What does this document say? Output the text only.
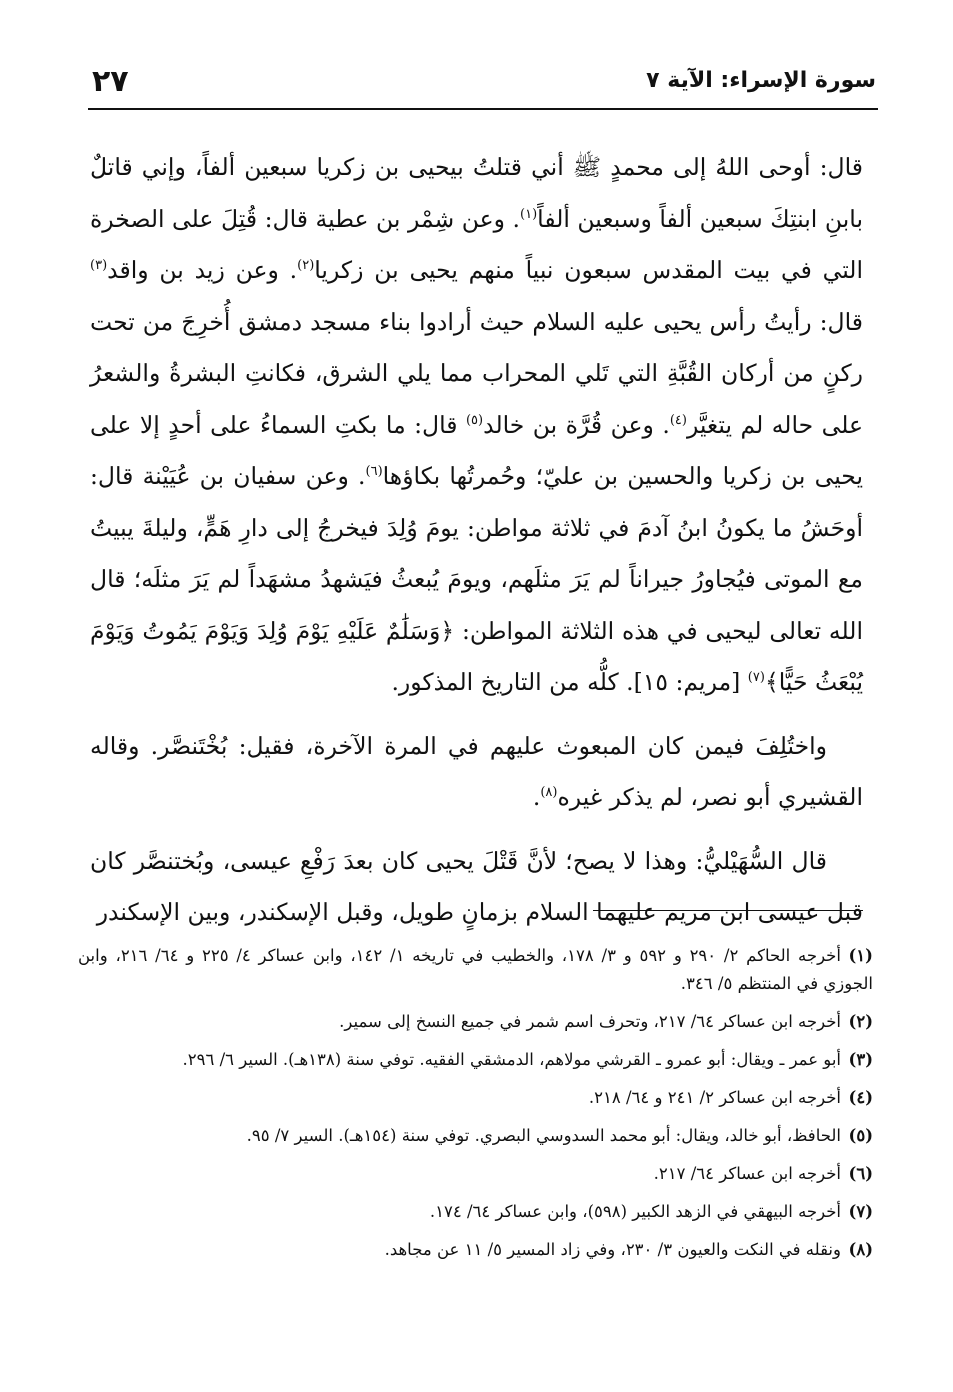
سورة الإسراء: الآية ٧
٢٧

قال: أوحى اللهُ إلى محمدٍ ﷺ أني قتلتُ بيحيى بن زكريا سبعين ألفاً، وإني قاتلٌ بابنِ ابنتِكَ سبعين ألفاً وسبعين ألفاً$^{(١)}$. وعن شِمْر بن عطية قال: قُتِلَ على الصخرة التي في بيت المقدس سبعون نبياً منهم يحيى بن زكريا$^{(٢)}$. وعن زيد بن واقد$^{(٣)}$ قال: رأيتُ رأس يحيى عليه السلام حيث أرادوا بناء مسجد دمشق أُخرِجَ من تحت ركنٍ من أركان القُبَّةِ التي تَلي المحراب مما يلي الشرق، فكانتِ البشرةُ والشعرُ على حاله لم يتغيَّر$^{(٤)}$. وعن قُرَّة بن خالد$^{(٥)}$ قال: ما بكتِ السماءُ على أحدٍ إلا على يحيى بن زكريا والحسين بن عليّ؛ وحُمرتُها بكاؤها$^{(٦)}$. وعن سفيان بن عُيَيْنة قال: أوحَشُ ما يكونُ ابنُ آدمَ في ثلاثة مواطن: يومَ وُلِدَ فيخرجُ إلى دارِ هَمٍّ، وليلةَ يبيتُ مع الموتى فيُجاورُ جيراناً لم يَرَ مثلَهم، ويومَ يُبعثُ فيَشهدُ مشهَداً لم يَرَ مثلَه؛ قال الله تعالى ليحيى في هذه الثلاثة المواطن: ﴿وَسَلَٰمٌ عَلَيْهِ يَوْمَ وُلِدَ وَيَوْمَ يَمُوتُ وَيَوْمَ يُبْعَثُ حَيًّا﴾$^{(٧)}$ [مريم: ١٥]. كلُّه من التاريخ المذكور.

واختُلِفَ فيمن كان المبعوث عليهم في المرة الآخرة، فقيل: بُخْتَنصَّر. وقاله القشيري أبو نصر، لم يذكر غيره$^{(٨)}$.

قال السُّهَيْليُّ: وهذا لا يصح؛ لأنَّ قَتْلَ يحيى كان بعدَ رَفْعِ عيسى، وبُختنصَّر كان قبل عيسى ابن مريم عليهما السلام بزمانٍ طويل، وقبل الإسكندر، وبين الإسكندر

(١)أخرجه الحاكم ٢/ ٢٩٠ و ٥٩٢ و ٣/ ١٧٨، والخطيب في تاريخه ١/ ١٤٢، وابن عساكر ٤/ ٢٢٥ و ٦٤/ ٢١٦، وابن الجوزي في المنتظم ٥/ ٣٤٦.

(٢)أخرجه ابن عساكر ٦٤/ ٢١٧، وتحرف اسم شمر في جميع النسخ إلى سمير.

(٣)أبو عمر ـ ويقال: أبو عمرو ـ القرشي مولاهم، الدمشقي الفقيه. توفي سنة (١٣٨هـ). السير ٦/ ٢٩٦.

(٤)أخرجه ابن عساكر ٢/ ٢٤١ و ٦٤/ ٢١٨.

(٥)الحافظ، أبو خالد، ويقال: أبو محمد السدوسي البصري. توفي سنة (١٥٤هـ). السير ٧/ ٩٥.

(٦)أخرجه ابن عساكر ٦٤/ ٢١٧.

(٧)أخرجه البيهقي في الزهد الكبير (٥٩٨)، وابن عساكر ٦٤/ ١٧٤.

(٨)ونقله في النكت والعيون ٣/ ٢٣٠، وفي زاد المسير ٥/ ١١ عن مجاهد.
